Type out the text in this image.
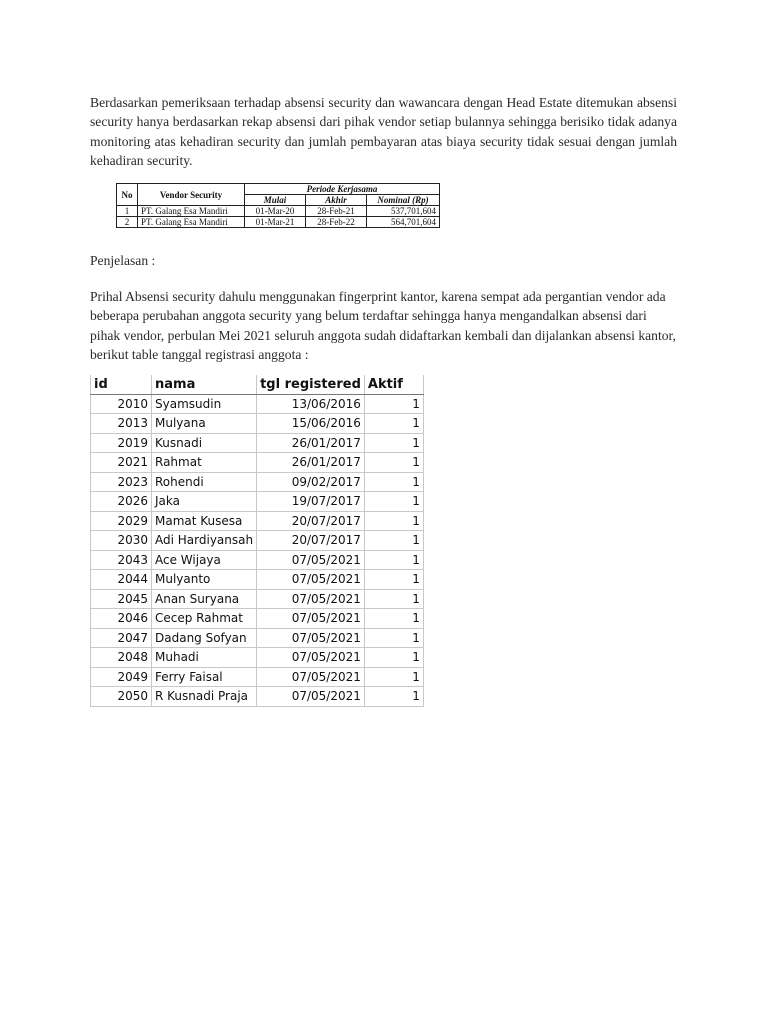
Berdasarkan pemeriksaan terhadap absensi security dan wawancara dengan Head Estate ditemukan absensi security hanya berdasarkan rekap absensi dari pihak vendor setiap bulannya sehingga berisiko tidak adanya monitoring atas kehadiran security dan jumlah pembayaran atas biaya security tidak sesuai dengan jumlah kehadiran security.

No	Vendor Security	Periode Kerjasama		
		Mulai	Akhir	Nominal (Rp)
1	PT. Galang Esa Mandiri	01-Mar-20	28-Feb-21	537,701,604
2	PT. Galang Esa Mandiri	01-Mar-21	28-Feb-22	564,701,604

Penjelasan :

Prihal Absensi security dahulu menggunakan fingerprint kantor, karena sempat ada pergantian vendor ada beberapa perubahan anggota security yang belum terdaftar sehingga hanya mengandalkan absensi dari pihak vendor, perbulan Mei 2021 seluruh anggota sudah didaftarkan kembali dan dijalankan absensi kantor, berikut table tanggal registrasi anggota :

id	nama	tgl registered	Aktif
2010	Syamsudin	13/06/2016	1
2013	Mulyana	15/06/2016	1
2019	Kusnadi	26/01/2017	1
2021	Rahmat	26/01/2017	1
2023	Rohendi	09/02/2017	1
2026	Jaka	19/07/2017	1
2029	Mamat Kusesa	20/07/2017	1
2030	Adi Hardiyansah	20/07/2017	1
2043	Ace Wijaya	07/05/2021	1
2044	Mulyanto	07/05/2021	1
2045	Anan Suryana	07/05/2021	1
2046	Cecep Rahmat	07/05/2021	1
2047	Dadang Sofyan	07/05/2021	1
2048	Muhadi	07/05/2021	1
2049	Ferry Faisal	07/05/2021	1
2050	R Kusnadi Praja	07/05/2021	1
